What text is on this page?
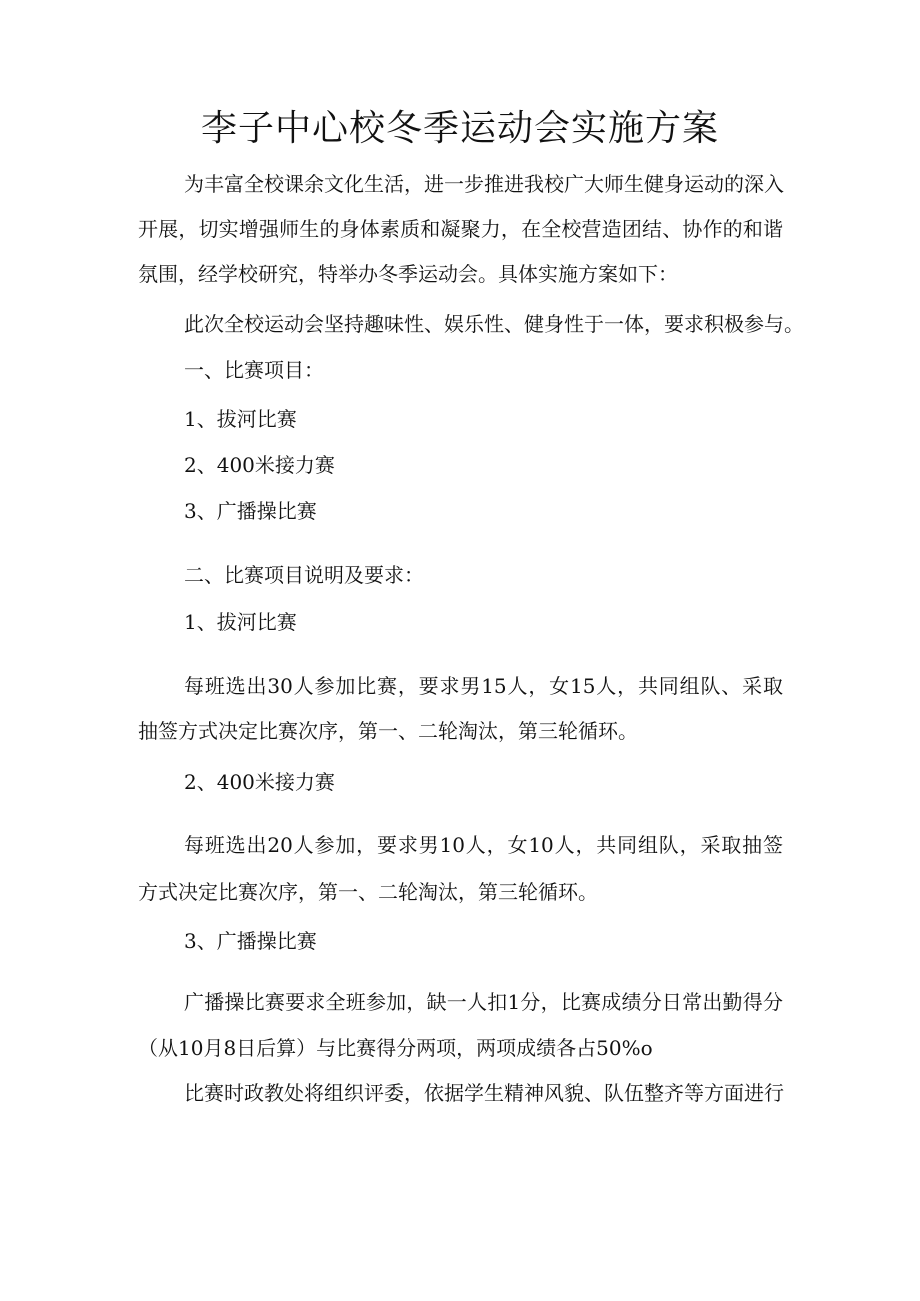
李子中心校冬季运动会实施方案
为丰富全校课余文化生活，进一步推进我校广大师生健身运动的深入
开展，切实增强师生的身体素质和凝聚力，在全校营造团结、协作的和谐
氛围，经学校研究，特举办冬季运动会。具体实施方案如下：
此次全校运动会坚持趣味性、娱乐性、健身性于一体，要求积极参与。
一、比赛项目：
1、拔河比赛
2、400米接力赛
3、广播操比赛
二、比赛项目说明及要求：
1、拔河比赛
每班选出30人参加比赛，要求男15人，女15人，共同组队、采取
抽签方式决定比赛次序，第一、二轮淘汰，第三轮循环。
2、400米接力赛
每班选出20人参加，要求男10人，女10人，共同组队，采取抽签
方式决定比赛次序，第一、二轮淘汰，第三轮循环。
3、广播操比赛
广播操比赛要求全班参加，缺一人扣1分，比赛成绩分日常出勤得分
（从10月8日后算）与比赛得分两项，两项成绩各占50%o
比赛时政教处将组织评委，依据学生精神风貌、队伍整齐等方面进行
